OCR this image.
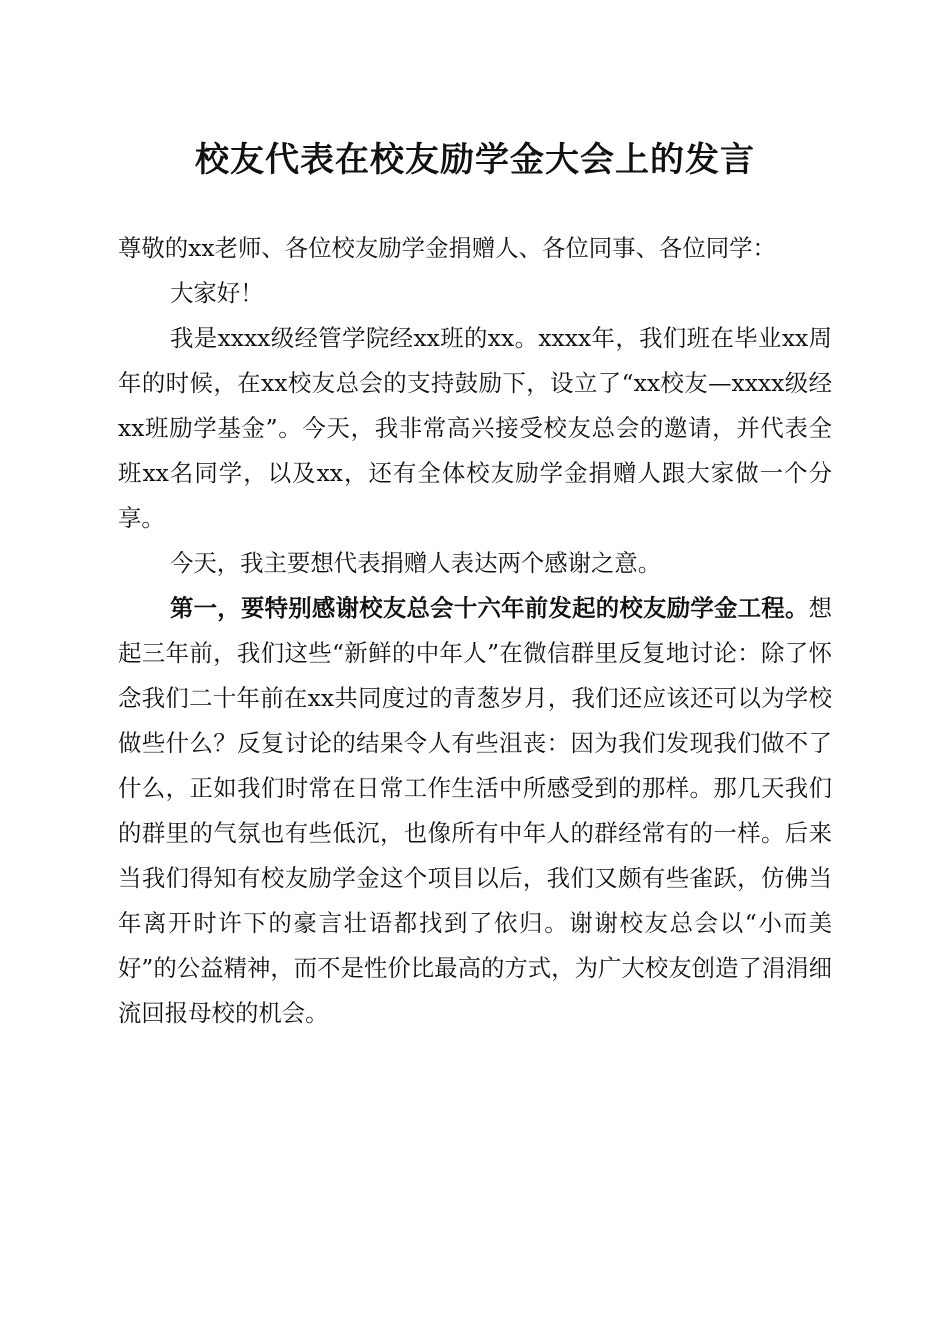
校友代表在校友励学金大会上的发言

尊敬的xx老师、各位校友励学金捐赠人、各位同事、各位同学：

大家好！

我是xxxx级经管学院经xx班的xx。xxxx年，我们班在毕业xx周年的时候，在xx校友总会的支持鼓励下，设立了“xx校友—xxxx级经xx班励学基金”。今天，我非常高兴接受校友总会的邀请，并代表全班xx名同学，以及xx，还有全体校友励学金捐赠人跟大家做一个分享。

今天，我主要想代表捐赠人表达两个感谢之意。

第一，要特别感谢校友总会十六年前发起的校友励学金工程。想起三年前，我们这些“新鲜的中年人”在微信群里反复地讨论：除了怀念我们二十年前在xx共同度过的青葱岁月，我们还应该还可以为学校做些什么？反复讨论的结果令人有些沮丧：因为我们发现我们做不了什么，正如我们时常在日常工作生活中所感受到的那样。那几天我们的群里的气氛也有些低沉，也像所有中年人的群经常有的一样。后来当我们得知有校友励学金这个项目以后，我们又颇有些雀跃，仿佛当年离开时许下的豪言壮语都找到了依归。谢谢校友总会以“小而美好”的公益精神，而不是性价比最高的方式，为广大校友创造了涓涓细流回报母校的机会。
